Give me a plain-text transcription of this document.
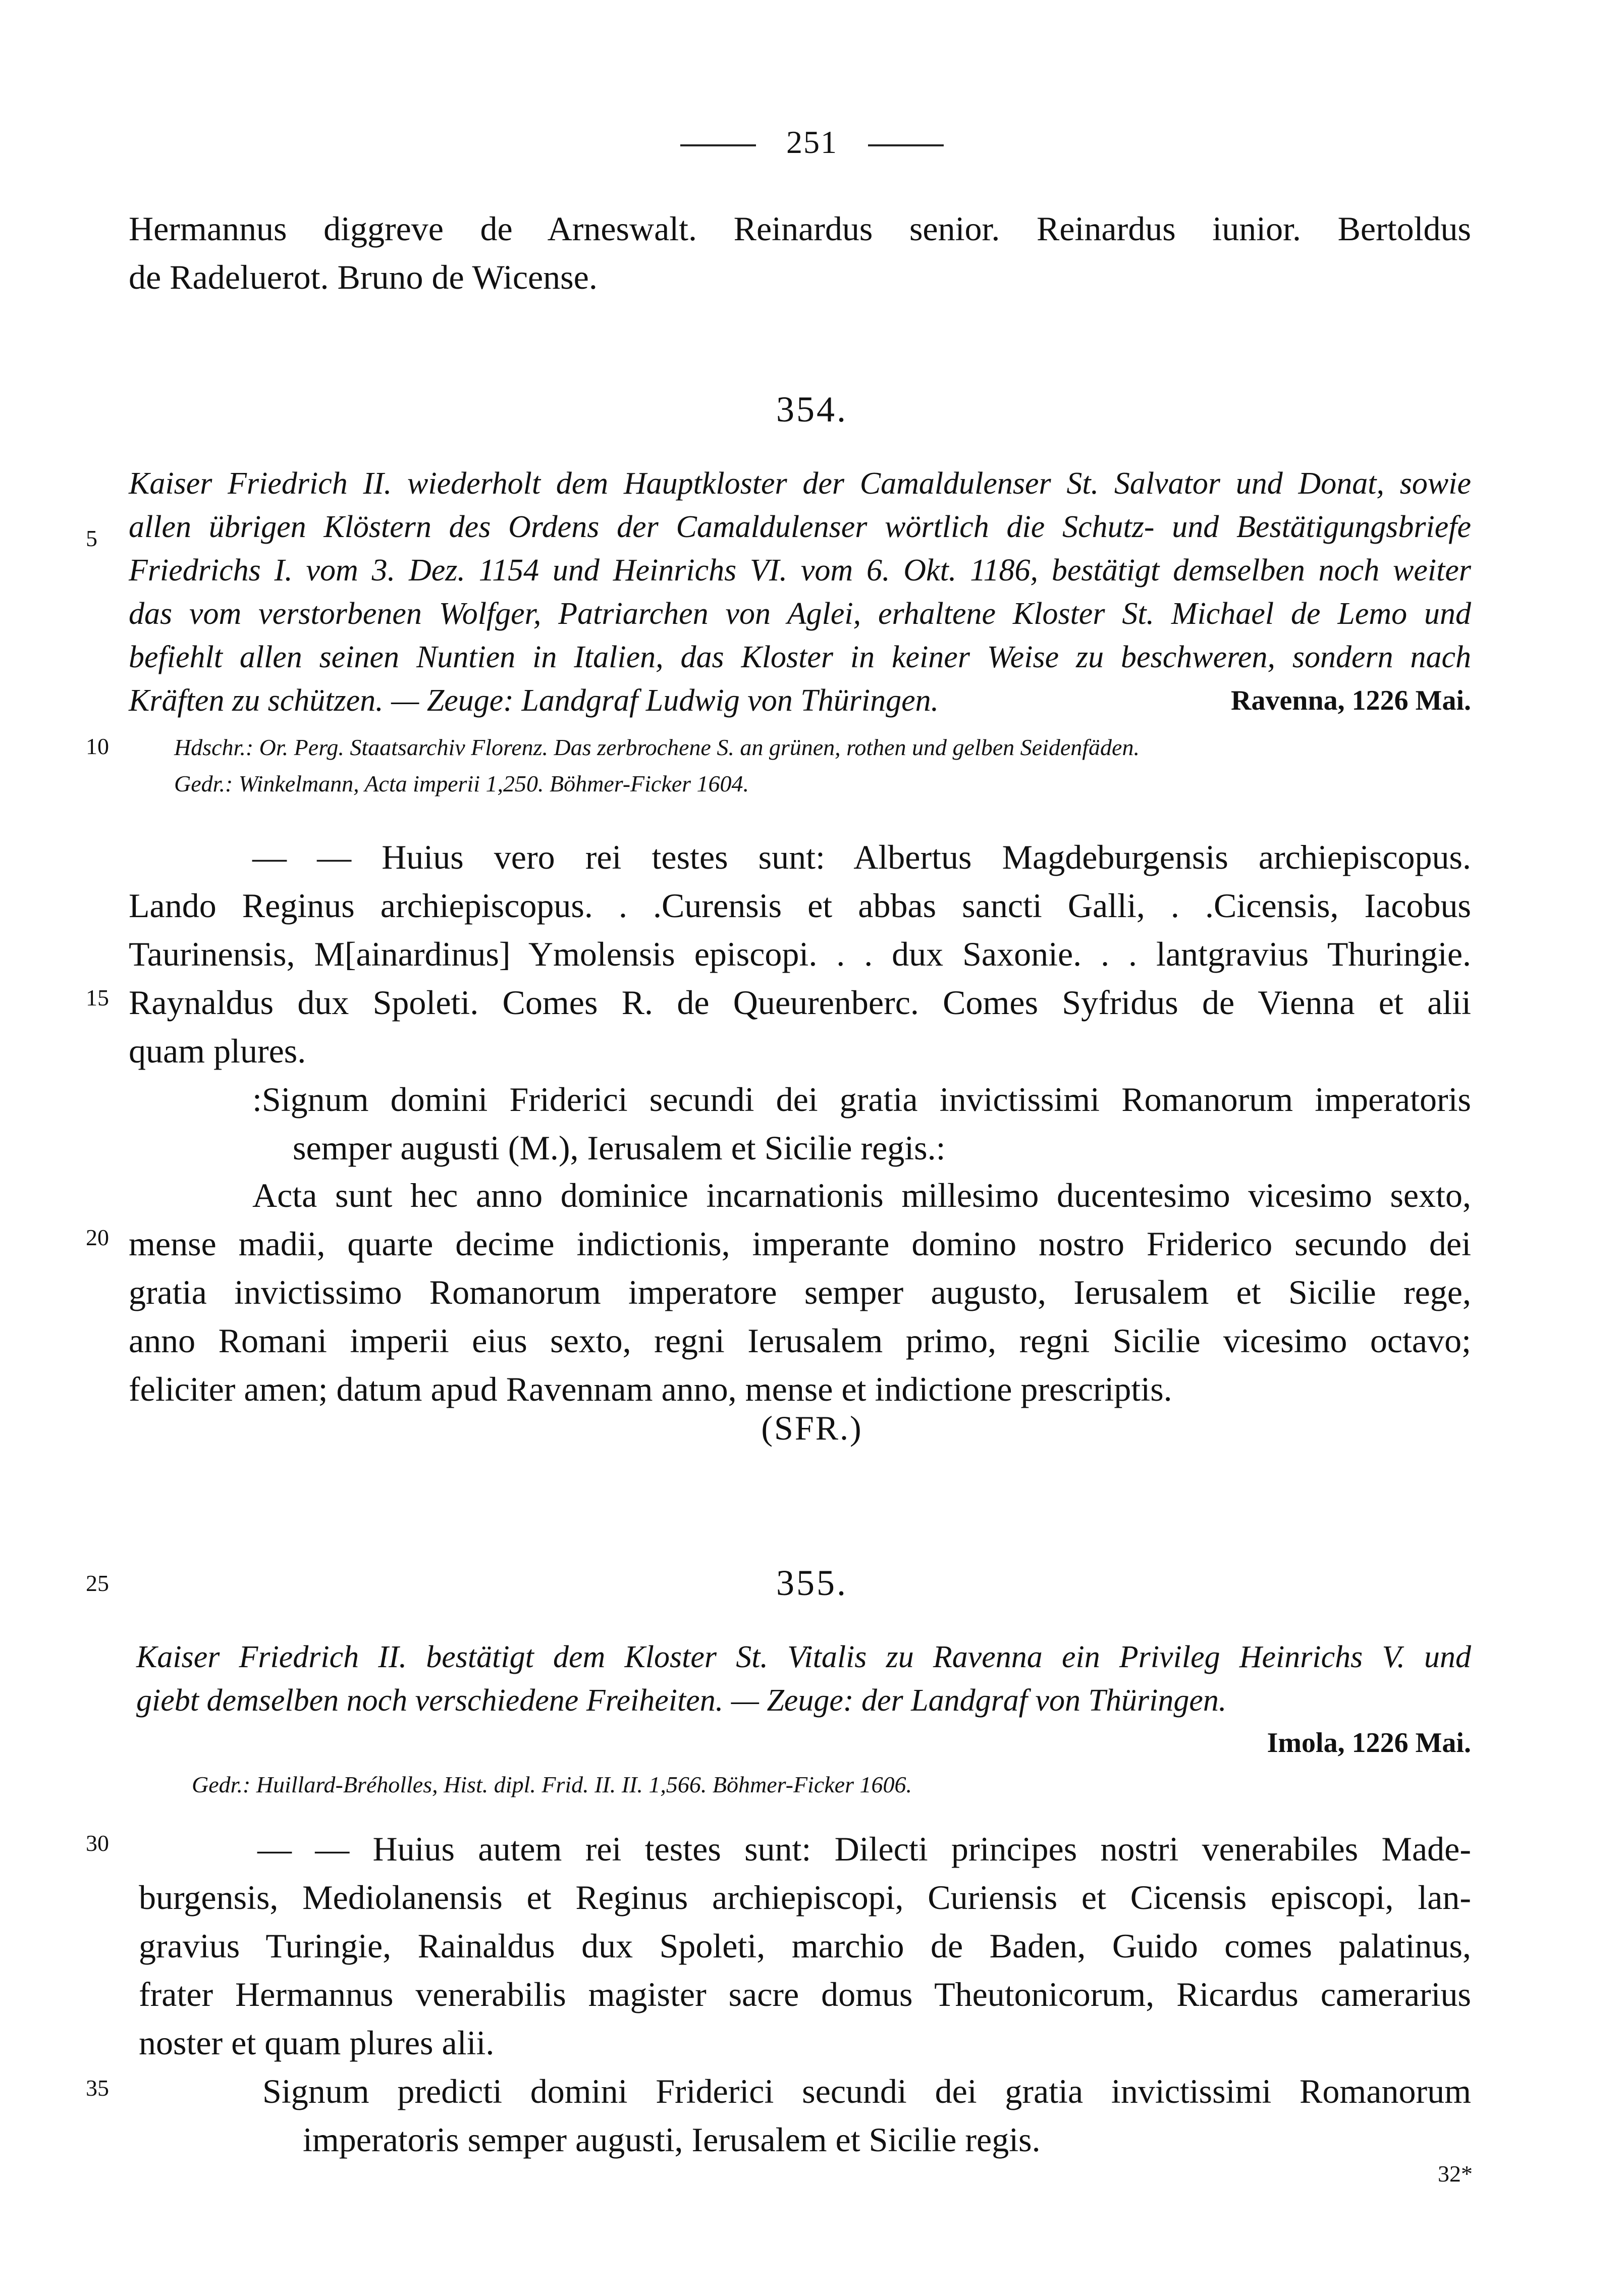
251
Hermannus diggreve de Arneswalt. Reinardus senior. Reinardus iunior. Bertoldus
de Radeluerot. Bruno de Wicense.
354.
Kaiser Friedrich II. wiederholt dem Hauptkloster der Camaldulenser St. Salvator und Donat, sowie
allen übrigen Klöstern des Ordens der Camaldulenser wörtlich die Schutz- und Bestätigungsbriefe
Friedrichs I. vom 3. Dez. 1154 und Heinrichs VI. vom 6. Okt. 1186, bestätigt demselben noch weiter
das vom verstorbenen Wolfger, Patriarchen von Aglei, erhaltene Kloster St. Michael de Lemo und
befiehlt allen seinen Nuntien in Italien, das Kloster in keiner Weise zu beschweren, sondern nach
Kräften zu schützen. — Zeuge: Landgraf Ludwig von Thüringen.	Ravenna, 1226 Mai.
Hdschr.: Or. Perg. Staatsarchiv Florenz. Das zerbrochene S. an grünen, rothen und gelben Seidenfäden.
Gedr.: Winkelmann, Acta imperii 1,250. Böhmer-Ficker 1604.
— — Huius vero rei testes sunt: Albertus Magdeburgensis archiepiscopus.
Lando Reginus archiepiscopus. . .Curensis et abbas sancti Galli, . .Cicensis, Iacobus
Taurinensis, M[ainardinus] Ymolensis episcopi. . . dux Saxonie. . . lantgravius Thuringie.
Raynaldus dux Spoleti. Comes R. de Queurenberc. Comes Syfridus de Vienna et alii
quam plures.
:Signum domini Friderici secundi dei gratia invictissimi Romanorum imperatoris
semper augusti (M.), Ierusalem et Sicilie regis.:
Acta sunt hec anno dominice incarnationis millesimo ducentesimo vicesimo sexto,
mense madii, quarte decime indictionis, imperante domino nostro Friderico secundo dei
gratia invictissimo Romanorum imperatore semper augusto, Ierusalem et Sicilie rege,
anno Romani imperii eius sexto, regni Ierusalem primo, regni Sicilie vicesimo octavo;
feliciter amen; datum apud Ravennam anno, mense et indictione prescriptis.
(SFR.)
355.
Kaiser Friedrich II. bestätigt dem Kloster St. Vitalis zu Ravenna ein Privileg Heinrichs V. und
giebt demselben noch verschiedene Freiheiten. — Zeuge: der Landgraf von Thüringen.
Imola, 1226 Mai.
Gedr.: Huillard-Bréholles, Hist. dipl. Frid. II. II. 1,566. Böhmer-Ficker 1606.
— — Huius autem rei testes sunt: Dilecti principes nostri venerabiles Made-
burgensis, Mediolanensis et Reginus archiepiscopi, Curiensis et Cicensis episcopi, lan-
gravius Turingie, Rainaldus dux Spoleti, marchio de Baden, Guido comes palatinus,
frater Hermannus venerabilis magister sacre domus Theutonicorum, Ricardus camerarius
noster et quam plures alii.
Signum predicti domini Friderici secundi dei gratia invictissimi Romanorum
imperatoris semper augusti, Ierusalem et Sicilie regis.
5
10
15
20
25
30
35
32*
